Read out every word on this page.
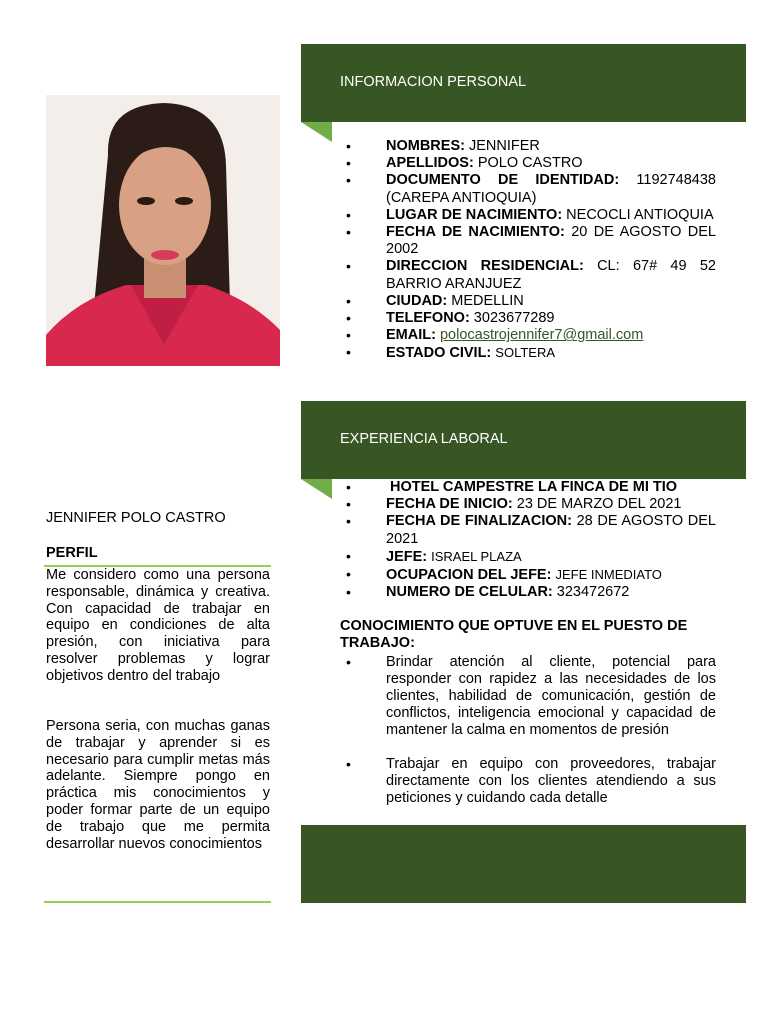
INFORMACION PERSONAL
• NOMBRES: JENNIFER
• APELLIDOS: POLO CASTRO
• DOCUMENTO DE IDENTIDAD: 1192748438 (CAREPA ANTIOQUIA)
• LUGAR DE NACIMIENTO: NECOCLI ANTIOQUIA
• FECHA DE NACIMIENTO: 20 DE AGOSTO DEL 2002
• DIRECCION RESIDENCIAL: CL: 67# 49 52 BARRIO ARANJUEZ
• CIUDAD: MEDELLIN
• TELEFONO: 3023677289
• EMAIL: polocastrojennifer7@gmail.com
• ESTADO CIVIL: SOLTERA
EXPERIENCIA LABORAL
• HOTEL CAMPESTRE LA FINCA DE MI TIO
• FECHA DE INICIO: 23 DE MARZO DEL 2021
• FECHA DE FINALIZACION: 28 DE AGOSTO DEL 2021
• JEFE: ISRAEL PLAZA
• OCUPACION DEL JEFE: JEFE INMEDIATO
• NUMERO DE CELULAR: 323472672
CONOCIMIENTO QUE OPTUVE EN EL PUESTO DE TRABAJO:
• Brindar atención al cliente, potencial para responder con rapidez a las necesidades de los clientes, habilidad de comunicación, gestión de conflictos, inteligencia emocional y capacidad de mantener la calma en momentos de presión
• Trabajar en equipo con proveedores, trabajar directamente con los clientes atendiendo a sus peticiones y cuidando cada detalle
JENNIFER POLO CASTRO
PERFIL
Me considero como una persona responsable, dinámica y creativa. Con capacidad de trabajar en equipo en condiciones de alta presión, con iniciativa para resolver problemas y lograr objetivos dentro del trabajo
Persona seria, con muchas ganas de trabajar y aprender si es necesario para cumplir metas más adelante. Siempre pongo en práctica mis conocimientos y poder formar parte de un equipo de trabajo que me permita desarrollar nuevos conocimientos
